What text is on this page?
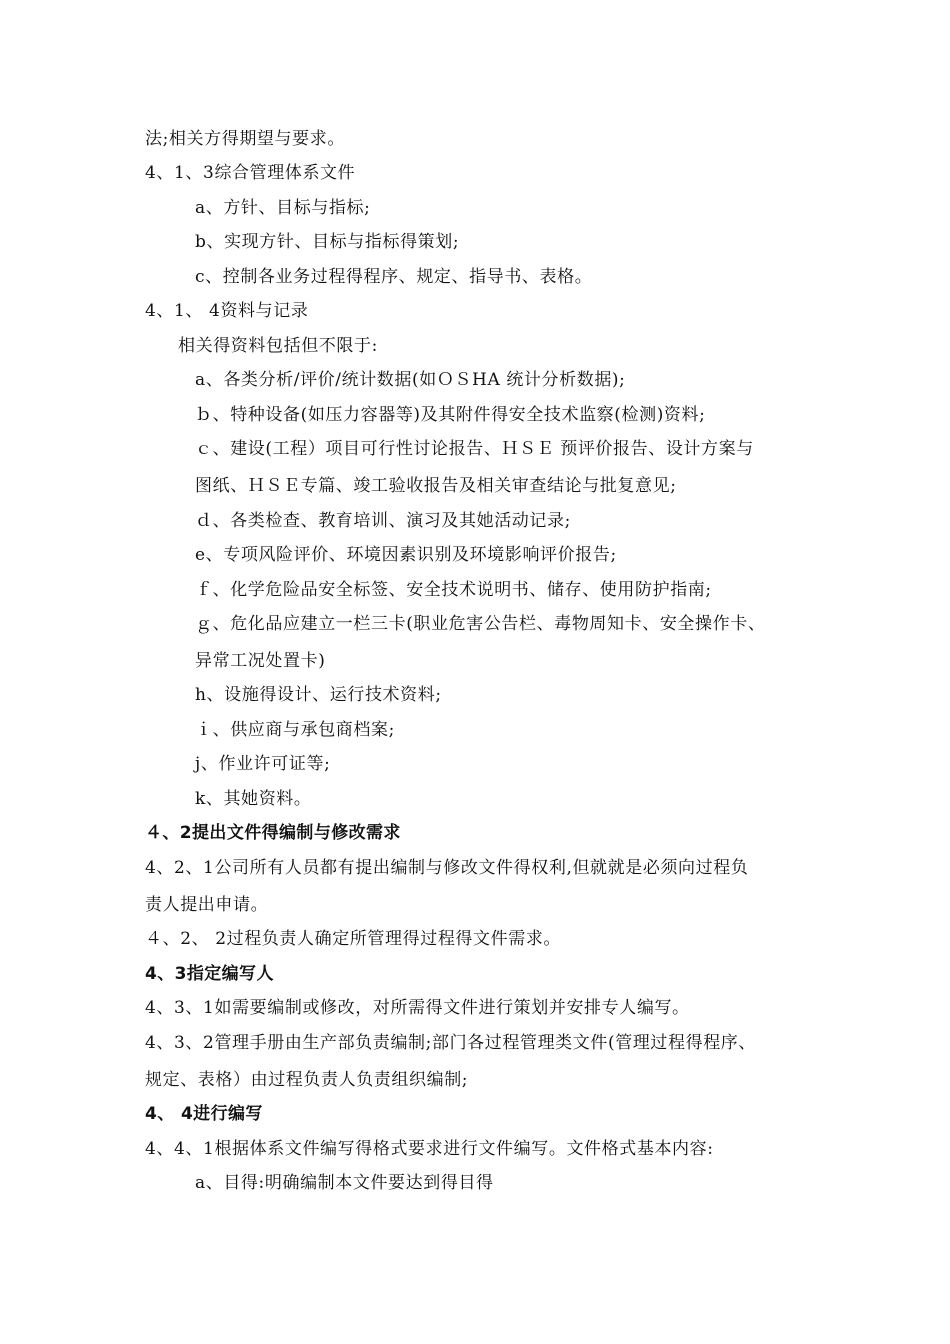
法;相关方得期望与要求。
4、1、3综合管理体系文件
a、方针、目标与指标;
b、实现方针、目标与指标得策划;
c、控制各业务过程得程序、规定、指导书、表格。
4、1、 4资料与记录
相关得资料包括但不限于:
a、各类分析/评价/统计数据(如ＯＳHA 统计分析数据);
ｂ、特种设备(如压力容器等)及其附件得安全技术监察(检测)资料;
ｃ、建设(工程）项目可行性讨论报告、ＨＳＥ 预评价报告、设计方案与
图纸、ＨＳＥ专篇、竣工验收报告及相关审查结论与批复意见;
ｄ、各类检查、教育培训、演习及其她活动记录;
e、专项风险评价、环境因素识别及环境影响评价报告;
ｆ、化学危险品安全标签、安全技术说明书、储存、使用防护指南;
ｇ、危化品应建立一栏三卡(职业危害公告栏、毒物周知卡、安全操作卡、
异常工况处置卡)
h、设施得设计、运行技术资料;
ｉ、供应商与承包商档案;
j、作业许可证等;
k、其她资料。
４、2提出文件得编制与修改需求
4、2、1公司所有人员都有提出编制与修改文件得权利,但就就是必须向过程负
责人提出申请。
４、2、 2过程负责人确定所管理得过程得文件需求。
4、3指定编写人
4、3、1如需要编制或修改，对所需得文件进行策划并安排专人编写。
4、3、2管理手册由生产部负责编制;部门各过程管理类文件(管理过程得程序、
规定、表格）由过程负责人负责组织编制;
4、 4进行编写
4、4、1根据体系文件编写得格式要求进行文件编写。文件格式基本内容:
a、目得:明确编制本文件要达到得目得
